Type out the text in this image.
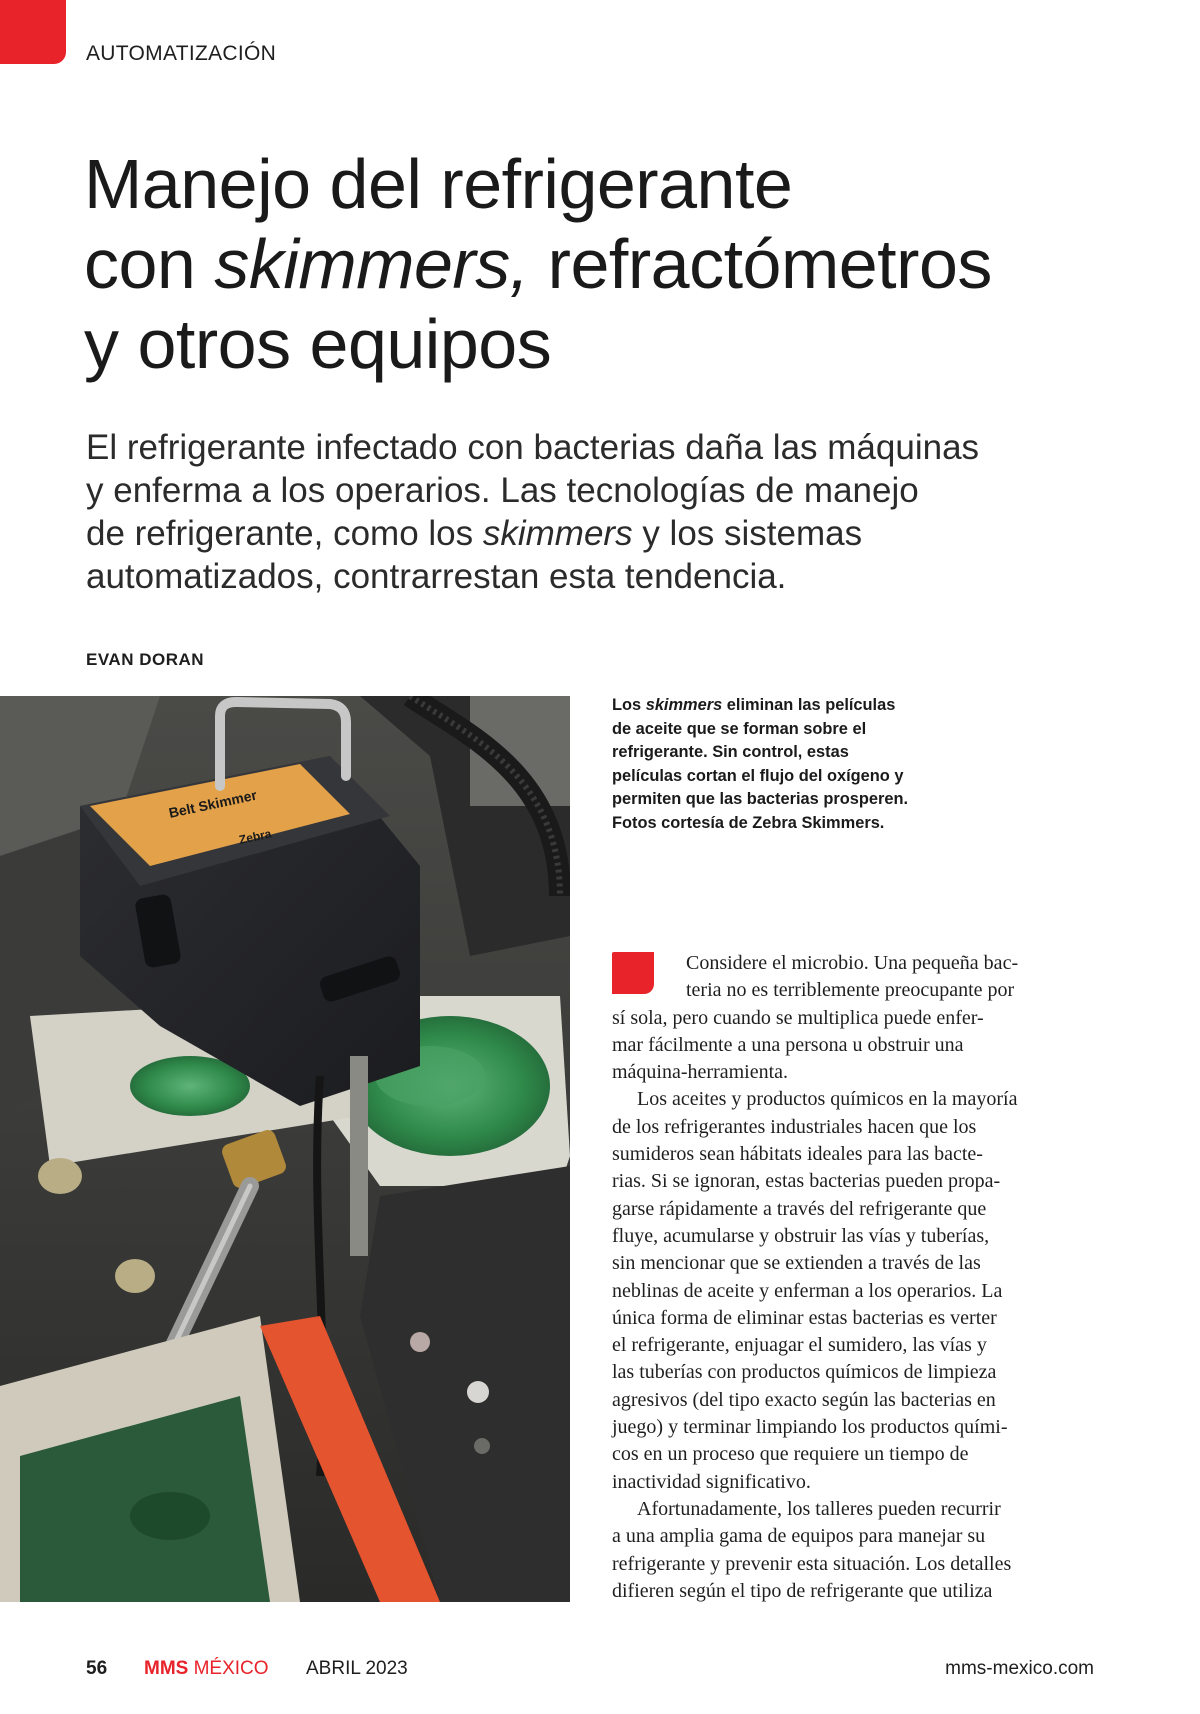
AUTOMATIZACIÓN
Manejo del refrigerante
con skimmers, refractómetros
y otros equipos
El refrigerante infectado con bacterias daña las máquinas
y enferma a los operarios. Las tecnologías de manejo
de refrigerante, como los skimmers y los sistemas
automatizados, contrarrestan esta tendencia.
EVAN DORAN
Belt Skimmer
Zebra
Los skimmers eliminan las películas
de aceite que se forman sobre el
refrigerante. Sin control, estas
películas cortan el flujo del oxígeno y
permiten que las bacterias prosperen.
Fotos cortesía de Zebra Skimmers.
Considere el microbio. Una pequeña bac-
teria no es terriblemente preocupante por
sí sola, pero cuando se multiplica puede enfer-
mar fácilmente a una persona u obstruir una
máquina-herramienta.
Los aceites y productos químicos en la mayoría
de los refrigerantes industriales hacen que los
sumideros sean hábitats ideales para las bacte-
rias. Si se ignoran, estas bacterias pueden propa-
garse rápidamente a través del refrigerante que
fluye, acumularse y obstruir las vías y tuberías,
sin mencionar que se extienden a través de las
neblinas de aceite y enferman a los operarios. La
única forma de eliminar estas bacterias es verter
el refrigerante, enjuagar el sumidero, las vías y
las tuberías con productos químicos de limpieza
agresivos (del tipo exacto según las bacterias en
juego) y terminar limpiando los productos quími-
cos en un proceso que requiere un tiempo de
inactividad significativo.
Afortunadamente, los talleres pueden recurrir
a una amplia gama de equipos para manejar su
refrigerante y prevenir esta situación. Los detalles
difieren según el tipo de refrigerante que utiliza
56 MMS MÉXICO ABRIL 2023	mms-mexico.com
